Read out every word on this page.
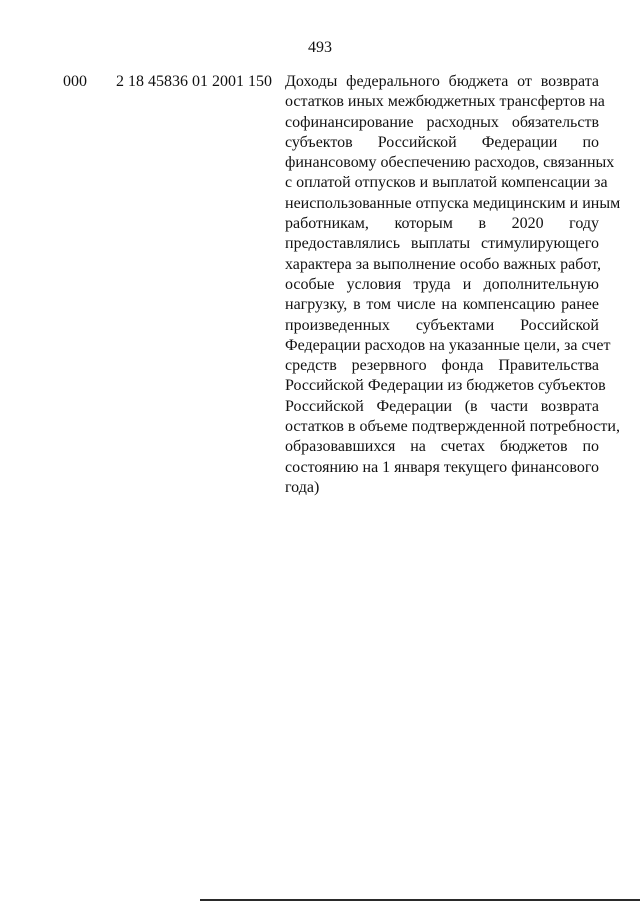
493
000 2 18 45836 01 2001 150 Доходы федерального бюджета от возврата
остатков иных межбюджетных трансфертов на
софинансирование расходных обязательств
субъектов Российской Федерации по
финансовому обеспечению расходов, связанных
с оплатой отпусков и выплатой компенсации за
неиспользованные отпуска медицинским и иным
работникам, которым в 2020 году
предоставлялись выплаты стимулирующего
характера за выполнение особо важных работ,
особые условия труда и дополнительную
нагрузку, в том числе на компенсацию ранее
произведенных субъектами Российской
Федерации расходов на указанные цели, за счет
средств резервного фонда Правительства
Российской Федерации из бюджетов субъектов
Российской Федерации (в части возврата
остатков в объеме подтвержденной потребности,
образовавшихся на счетах бюджетов по
состоянию на 1 января текущего финансового
года)
